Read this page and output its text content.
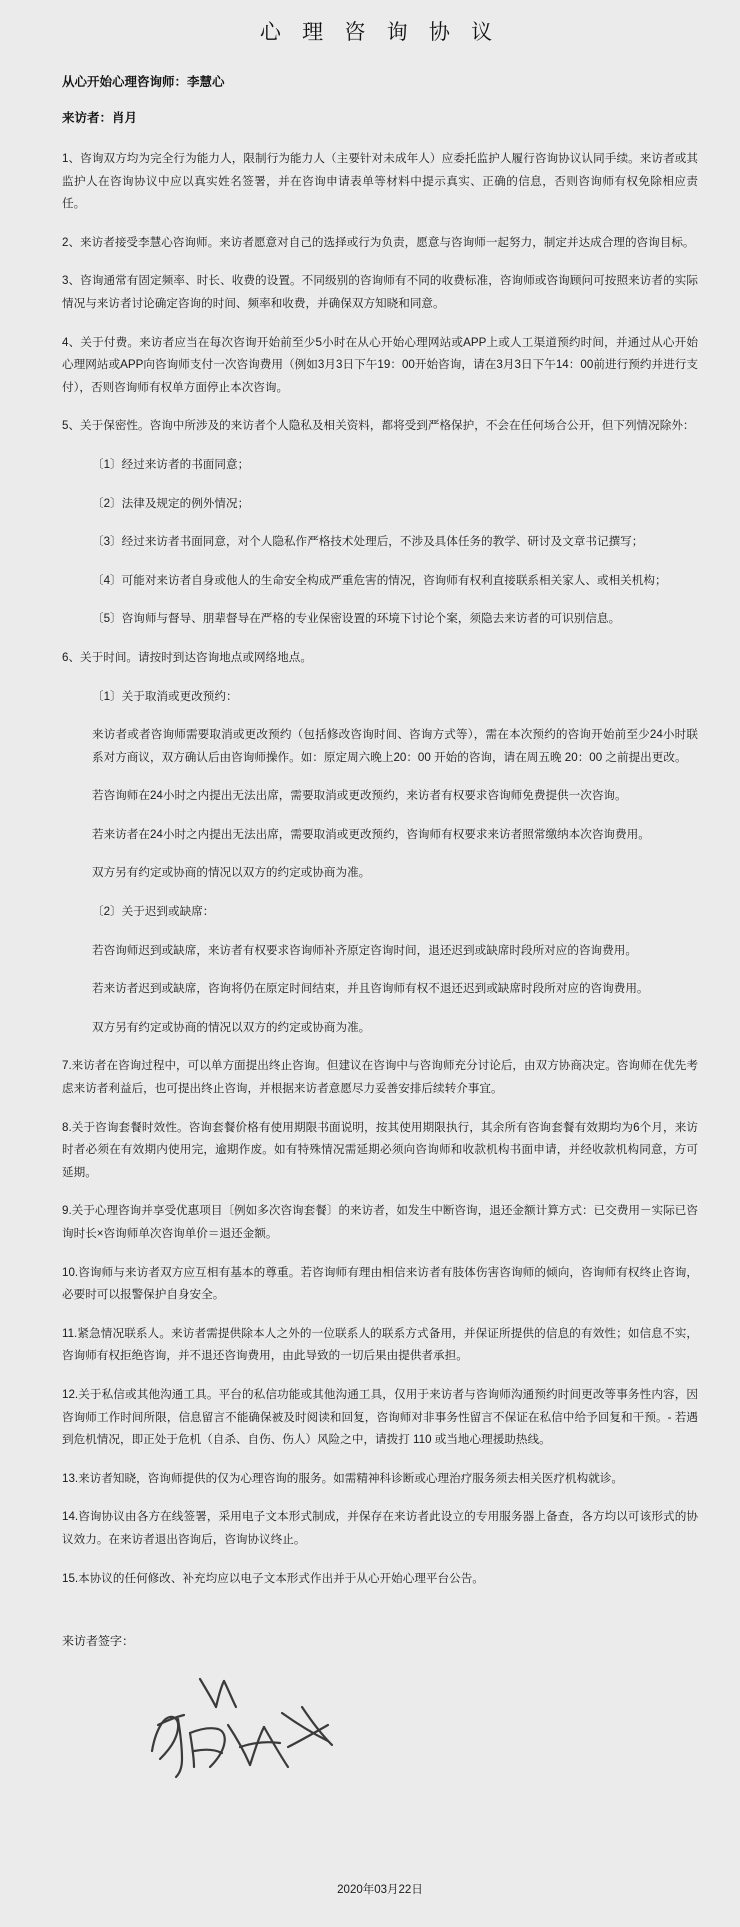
心 理 咨 询 协 议
从心开始心理咨询师：李慧心
来访者：肖月

1、咨询双方均为完全行为能力人，限制行为能力人（主要针对未成年人）应委托监护人履行咨询协议认同手续。来访者或其监护人在咨询协议中应以真实姓名签署，并在咨询申请表单等材料中提示真实、正确的信息，否则咨询师有权免除相应责任。

2、来访者接受李慧心咨询师。来访者愿意对自己的选择或行为负责，愿意与咨询师一起努力，制定并达成合理的咨询目标。

3、咨询通常有固定频率、时长、收费的设置。不同级别的咨询师有不同的收费标准，咨询师或咨询顾问可按照来访者的实际情况与来访者讨论确定咨询的时间、频率和收费，并确保双方知晓和同意。

4、关于付费。来访者应当在每次咨询开始前至少5小时在从心开始心理网站或APP上或人工渠道预约时间，并通过从心开始心理网站或APP向咨询师支付一次咨询费用（例如3月3日下午19：00开始咨询，请在3月3日下午14：00前进行预约并进行支付），否则咨询师有权单方面停止本次咨询。

5、关于保密性。咨询中所涉及的来访者个人隐私及相关资料，都将受到严格保护，不会在任何场合公开，但下列情况除外：

〔1〕经过来访者的书面同意；

〔2〕法律及规定的例外情况；

〔3〕经过来访者书面同意，对个人隐私作严格技术处理后，不涉及具体任务的教学、研讨及文章书记撰写；

〔4〕可能对来访者自身或他人的生命安全构成严重危害的情况，咨询师有权利直接联系相关家人、或相关机构；

〔5〕咨询师与督导、朋辈督导在严格的专业保密设置的环境下讨论个案，须隐去来访者的可识别信息。

6、关于时间。请按时到达咨询地点或网络地点。

〔1〕关于取消或更改预约：

来访者或者咨询师需要取消或更改预约（包括修改咨询时间、咨询方式等），需在本次预约的咨询开始前至少24小时联系对方商议，双方确认后由咨询师操作。如：原定周六晚上20：00 开始的咨询，请在周五晚 20：00 之前提出更改。

若咨询师在24小时之内提出无法出席，需要取消或更改预约，来访者有权要求咨询师免费提供一次咨询。

若来访者在24小时之内提出无法出席，需要取消或更改预约，咨询师有权要求来访者照常缴纳本次咨询费用。

双方另有约定或协商的情况以双方的约定或协商为准。

〔2〕关于迟到或缺席：

若咨询师迟到或缺席，来访者有权要求咨询师补齐原定咨询时间，退还迟到或缺席时段所对应的咨询费用。

若来访者迟到或缺席，咨询将仍在原定时间结束，并且咨询师有权不退还迟到或缺席时段所对应的咨询费用。

双方另有约定或协商的情况以双方的约定或协商为准。

7.来访者在咨询过程中，可以单方面提出终止咨询。但建议在咨询中与咨询师充分讨论后，由双方协商决定。咨询师在优先考虑来访者利益后，也可提出终止咨询，并根据来访者意愿尽力妥善安排后续转介事宜。

8.关于咨询套餐时效性。咨询套餐价格有使用期限书面说明，按其使用期限执行，其余所有咨询套餐有效期均为6个月，来访时者必须在有效期内使用完，逾期作废。如有特殊情况需延期必须向咨询师和收款机构书面申请，并经收款机构同意，方可延期。

9.关于心理咨询并享受优惠项目〔例如多次咨询套餐〕的来访者，如发生中断咨询，退还金额计算方式：已交费用－实际已咨询时长×咨询师单次咨询单价＝退还金额。

10.咨询师与来访者双方应互相有基本的尊重。若咨询师有理由相信来访者有肢体伤害咨询师的倾向，咨询师有权终止咨询，必要时可以报警保护自身安全。

11.紧急情况联系人。来访者需提供除本人之外的一位联系人的联系方式备用，并保证所提供的信息的有效性；如信息不实，咨询师有权拒绝咨询，并不退还咨询费用，由此导致的一切后果由提供者承担。

12.关于私信或其他沟通工具。平台的私信功能或其他沟通工具，仅用于来访者与咨询师沟通预约时间更改等事务性内容，因咨询师工作时间所限，信息留言不能确保被及时阅读和回复，咨询师对非事务性留言不保证在私信中给予回复和干预。- 若遇到危机情况，即正处于危机（自杀、自伤、伤人）风险之中，请拨打 110 或当地心理援助热线。

13.来访者知晓，咨询师提供的仅为心理咨询的服务。如需精神科诊断或心理治疗服务须去相关医疗机构就诊。

14.咨询协议由各方在线签署，采用电子文本形式制成，并保存在来访者此设立的专用服务器上备查，各方均以可该形式的协议效力。在来访者退出咨询后，咨询协议终止。

15.本协议的任何修改、补充均应以电子文本形式作出并于从心开始心理平台公告。

来访者签字：
2020年03月22日
